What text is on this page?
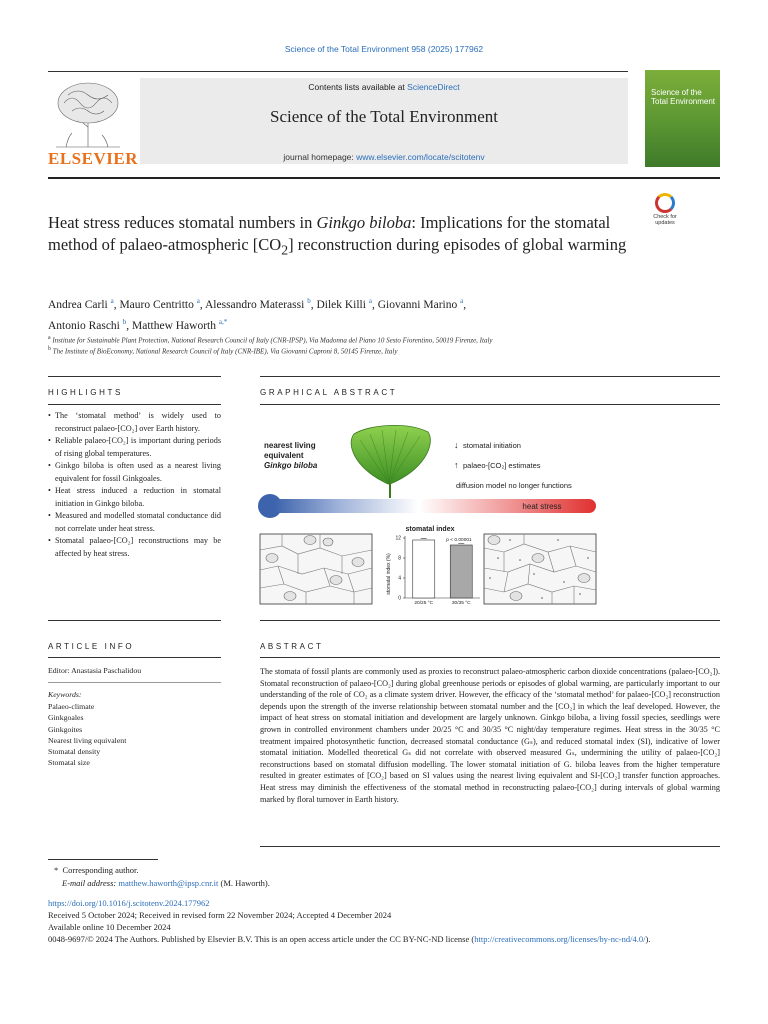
Science of the Total Environment 958 (2025) 177962
ELSEVIER
Contents lists available at ScienceDirect
Science of the Total Environment
journal homepage: www.elsevier.com/locate/scitotenv
Science of the Total Environment
Heat stress reduces stomatal numbers in Ginkgo biloba: Implications for the stomatal method of palaeo-atmospheric $[CO_2]$ reconstruction during episodes of global warming
Check for updates
Andrea Carli $^a$, Mauro Centritto $^a$, Alessandro Materassi $^b$, Dilek Killi $^a$, Giovanni Marino $^a$,
Antonio Raschi $^b$, Matthew Haworth $^{a,*}$
$^a$ Institute for Sustainable Plant Protection, National Research Council of Italy (CNR-IPSP), Via Madonna del Piano 10 Sesto Fiorentino, 50019 Firenze, Italy
$^b$ The Institute of BioEconomy, National Research Council of Italy (CNR-IBE), Via Giovanni Caproni 8, 50145 Firenze, Italy
HIGHLIGHTS
• The ‘stomatal method’ is widely used to reconstruct palaeo-[CO₂] over Earth history.
• Reliable palaeo-[CO₂] is important during periods of rising global temperatures.
• Ginkgo biloba is often used as a nearest living equivalent for fossil Ginkgoales.
• Heat stress induced a reduction in stomatal initiation in Ginkgo biloba.
• Measured and modelled stomatal conductance did not correlate under heat stress.
• Stomatal palaeo-[CO₂] reconstructions may be affected by heat stress.
GRAPHICAL ABSTRACT
nearest living
equivalent
Ginkgo biloba
↓ stomatal initiation
↑ palaeo-[CO₂] estimates
diffusion model no longer functions
heat stress
stomatal index
stomatal index (%)
0
4
8
12
20/25 °C	30/35 °C
p < 0.00001
ARTICLE INFO
Editor: Anastasia Paschalidou
Keywords:
Palaeo-climate
Ginkgoales
Ginkgoites
Nearest living equivalent
Stomatal density
Stomatal size
ABSTRACT
The stomata of fossil plants are commonly used as proxies to reconstruct palaeo-atmospheric carbon dioxide concentrations (palaeo-[CO₂]). Stomatal reconstruction of palaeo-[CO₂] during global greenhouse periods or episodes of global warming, are particularly important to our understanding of the role of CO₂ as a climate system driver. However, the efficacy of the ‘stomatal method’ for palaeo-[CO₂] reconstruction depends upon the strength of the inverse relationship between stomatal number and the [CO₂] in which the leaf developed. However, the impact of heat stress on stomatal initiation and development are largely unknown. Ginkgo biloba, a living fossil species, seedlings were grown in controlled environment chambers under 20/25 °C and 30/35 °C night/day temperature regimes. Heat stress in the 30/35 °C treatment impaired photosynthetic function, decreased stomatal conductance (Gₛ), and reduced stomatal index (SI), indicative of lower stomatal initiation. Modelled theoretical Gₛ did not correlate with observed measured Gₛ, undermining the utility of palaeo-[CO₂] reconstructions based on stomatal diffusion modelling. The lower stomatal initiation of G. biloba leaves from the higher temperature resulted in greater estimates of [CO₂] based on SI values using the nearest living equivalent and SI-[CO₂] transfer function approaches. Heat stress may diminish the effectiveness of the stomatal method in reconstructing palaeo-[CO₂] during intervals of global warming marked by floral turnover in Earth history.
* Corresponding author.
E-mail address: matthew.haworth@ipsp.cnr.it (M. Haworth).
https://doi.org/10.1016/j.scitotenv.2024.177962
Received 5 October 2024; Received in revised form 22 November 2024; Accepted 4 December 2024
Available online 10 December 2024
0048-9697/© 2024 The Authors. Published by Elsevier B.V. This is an open access article under the CC BY-NC-ND license (http://creativecommons.org/licenses/by-nc-nd/4.0/).
